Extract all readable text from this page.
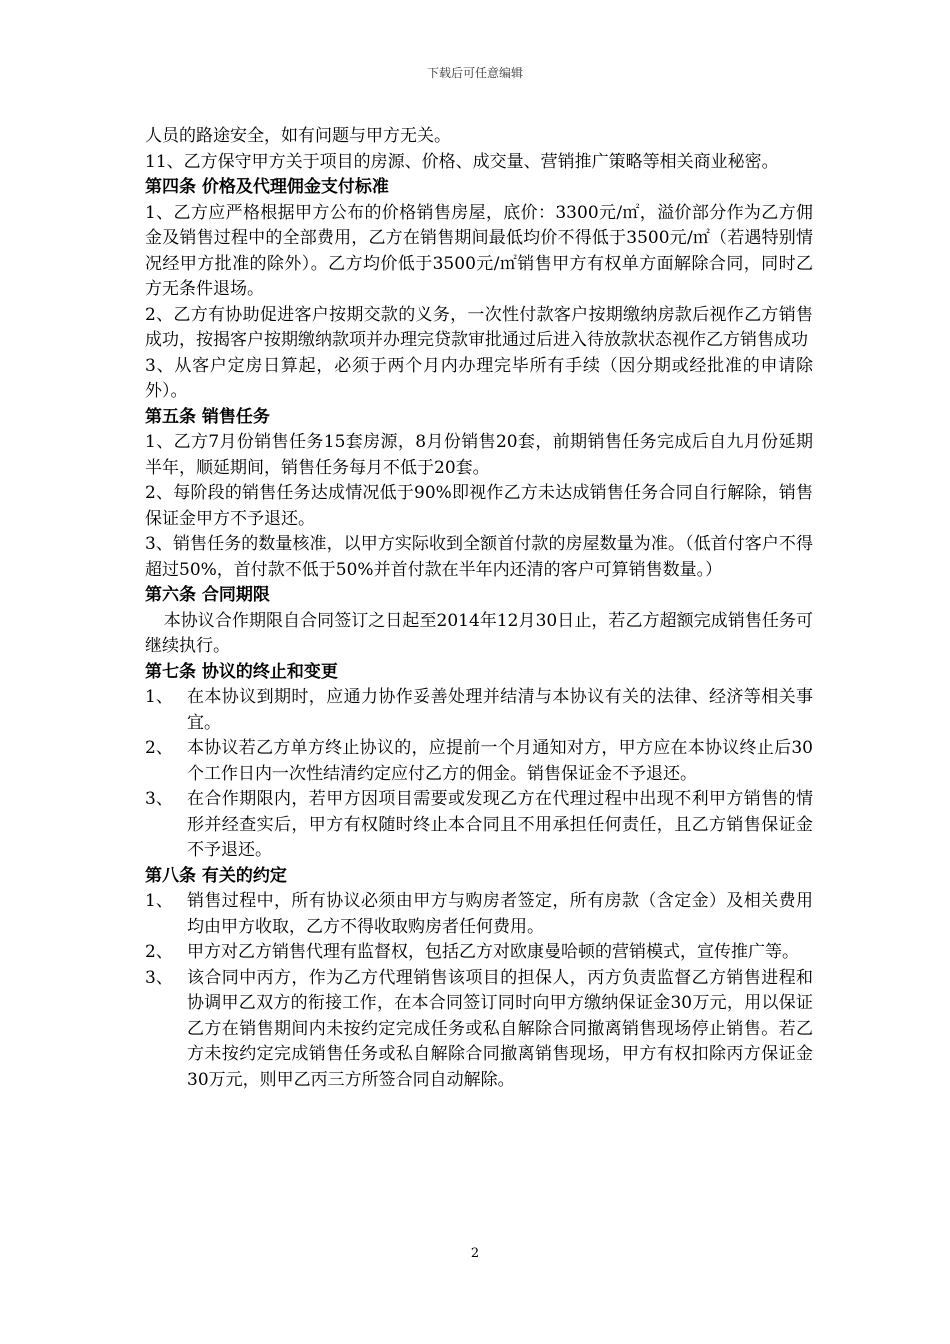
下载后可任意编辑

人员的路途安全，如有问题与甲方无关。

11、乙方保守甲方关于项目的房源、价格、成交量、营销推广策略等相关商业秘密。

第四条 价格及代理佣金支付标准

1、乙方应严格根据甲方公布的价格销售房屋，底价：3300元/㎡，溢价部分作为乙方佣金及销售过程中的全部费用，乙方在销售期间最低均价不得低于3500元/㎡（若遇特别情况经甲方批准的除外）。乙方均价低于3500元/㎡销售甲方有权单方面解除合同，同时乙方无条件退场。

2、乙方有协助促进客户按期交款的义务，一次性付款客户按期缴纳房款后视作乙方销售成功，按揭客户按期缴纳款项并办理完贷款审批通过后进入待放款状态视作乙方销售成功

3、从客户定房日算起，必须于两个月内办理完毕所有手续（因分期或经批准的申请除外）。

第五条 销售任务

1、乙方7月份销售任务15套房源，8月份销售20套，前期销售任务完成后自九月份延期半年，顺延期间，销售任务每月不低于20套。

2、每阶段的销售任务达成情况低于90%即视作乙方未达成销售任务合同自行解除，销售保证金甲方不予退还。

3、销售任务的数量核准，以甲方实际收到全额首付款的房屋数量为准。（低首付客户不得超过50%，首付款不低于50%并首付款在半年内还清的客户可算销售数量。）

第六条 合同期限

本协议合作期限自合同签订之日起至2014年12月30日止，若乙方超额完成销售任务可继续执行。

第七条 协议的终止和变更

1、 在本协议到期时，应通力协作妥善处理并结清与本协议有关的法律、经济等相关事宜。
2、 本协议若乙方单方终止协议的，应提前一个月通知对方，甲方应在本协议终止后30个工作日内一次性结清约定应付乙方的佣金。销售保证金不予退还。
3、 在合作期限内，若甲方因项目需要或发现乙方在代理过程中出现不利甲方销售的情形并经查实后，甲方有权随时终止本合同且不用承担任何责任，且乙方销售保证金不予退还。

第八条 有关的约定

1、 销售过程中，所有协议必须由甲方与购房者签定，所有房款（含定金）及相关费用均由甲方收取，乙方不得收取购房者任何费用。
2、 甲方对乙方销售代理有监督权，包括乙方对欧康曼哈顿的营销模式，宣传推广等。
3、 该合同中丙方，作为乙方代理销售该项目的担保人，丙方负责监督乙方销售进程和协调甲乙双方的衔接工作，在本合同签订同时向甲方缴纳保证金30万元，用以保证乙方在销售期间内未按约定完成任务或私自解除合同撤离销售现场停止销售。若乙方未按约定完成销售任务或私自解除合同撤离销售现场，甲方有权扣除丙方保证金30万元，则甲乙丙三方所签合同自动解除。
2
